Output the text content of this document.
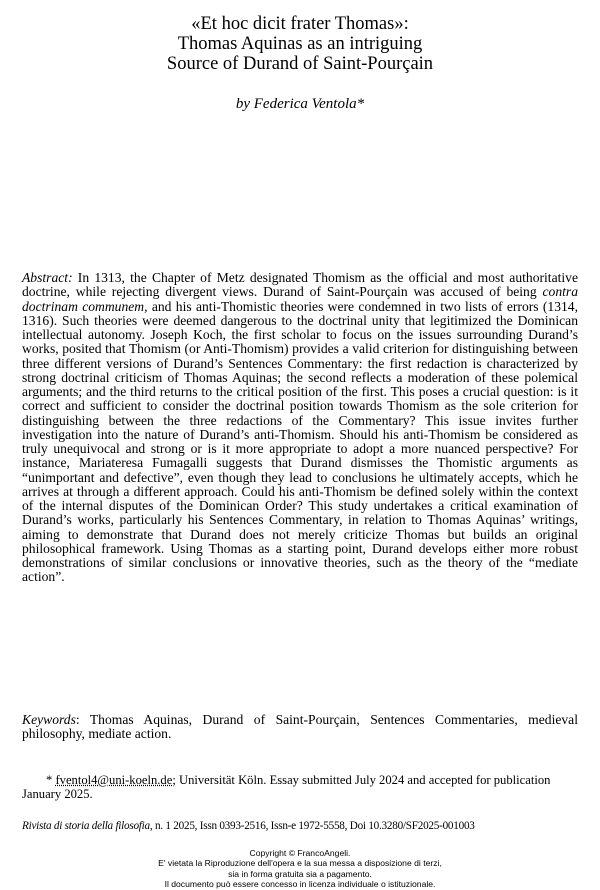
«Et hoc dicit frater Thomas»:
Thomas Aquinas as an intriguing
Source of Durand of Saint-Pourçain
by Federica Ventola*

Abstract: In 1313, the Chapter of Metz designated Thomism as the official and most authoritative doctrine, while rejecting divergent views. Durand of Saint-Pourçain was accused of being contra doctrinam communem, and his anti-Thomistic theories were condemned in two lists of errors (1314, 1316). Such theories were deemed dangerous to the doctrinal unity that legitimized the Dominican intellectual autonomy. Joseph Koch, the first scholar to focus on the issues surrounding Durand’s works, posited that Thomism (or Anti-Thomism) provides a valid criterion for distinguishing between three different versions of Durand’s Sentences Commentary: the first redaction is characterized by strong doctrinal criticism of Thomas Aquinas; the second reflects a moderation of these polemical arguments; and the third returns to the critical position of the first. This poses a crucial question: is it correct and sufficient to consider the doctrinal position towards Thomism as the sole criterion for distinguishing between the three redactions of the Commentary? This issue invites further investigation into the nature of Durand’s anti-Thomism. Should his anti-Thomism be considered as truly unequivocal and strong or is it more appropriate to adopt a more nuanced perspective? For instance, Mariateresa Fumagalli suggests that Durand dismisses the Thomistic arguments as “unimportant and defective”, even though they lead to conclusions he ultimately accepts, which he arrives at through a different approach. Could his anti-Thomism be defined solely within the context of the internal disputes of the Dominican Order? This study undertakes a critical examination of Durand’s works, particularly his Sentences Commentary, in relation to Thomas Aquinas’ writings, aiming to demonstrate that Durand does not merely criticize Thomas but builds an original philosophical framework. Using Thomas as a starting point, Durand develops either more robust demonstrations of similar conclusions or innovative theories, such as the theory of the “mediate action”.

Keywords: Thomas Aquinas, Durand of Saint-Pourçain, Sentences Commentaries, medieval philosophy, mediate action.
* fventol4@uni-koeln.de; Universität Köln. Essay submitted July 2024 and accepted for publication January 2025.
Rivista di storia della filosofia, n. 1 2025, Issn 0393-2516, Issn-e 1972-5558, Doi 10.3280/SF2025-001003
Copyright © FrancoAngeli.
E' vietata la Riproduzione dell'opera e la sua messa a disposizione di terzi,
sia in forma gratuita sia a pagamento.
Il documento può essere concesso in licenza individuale o istituzionale.
